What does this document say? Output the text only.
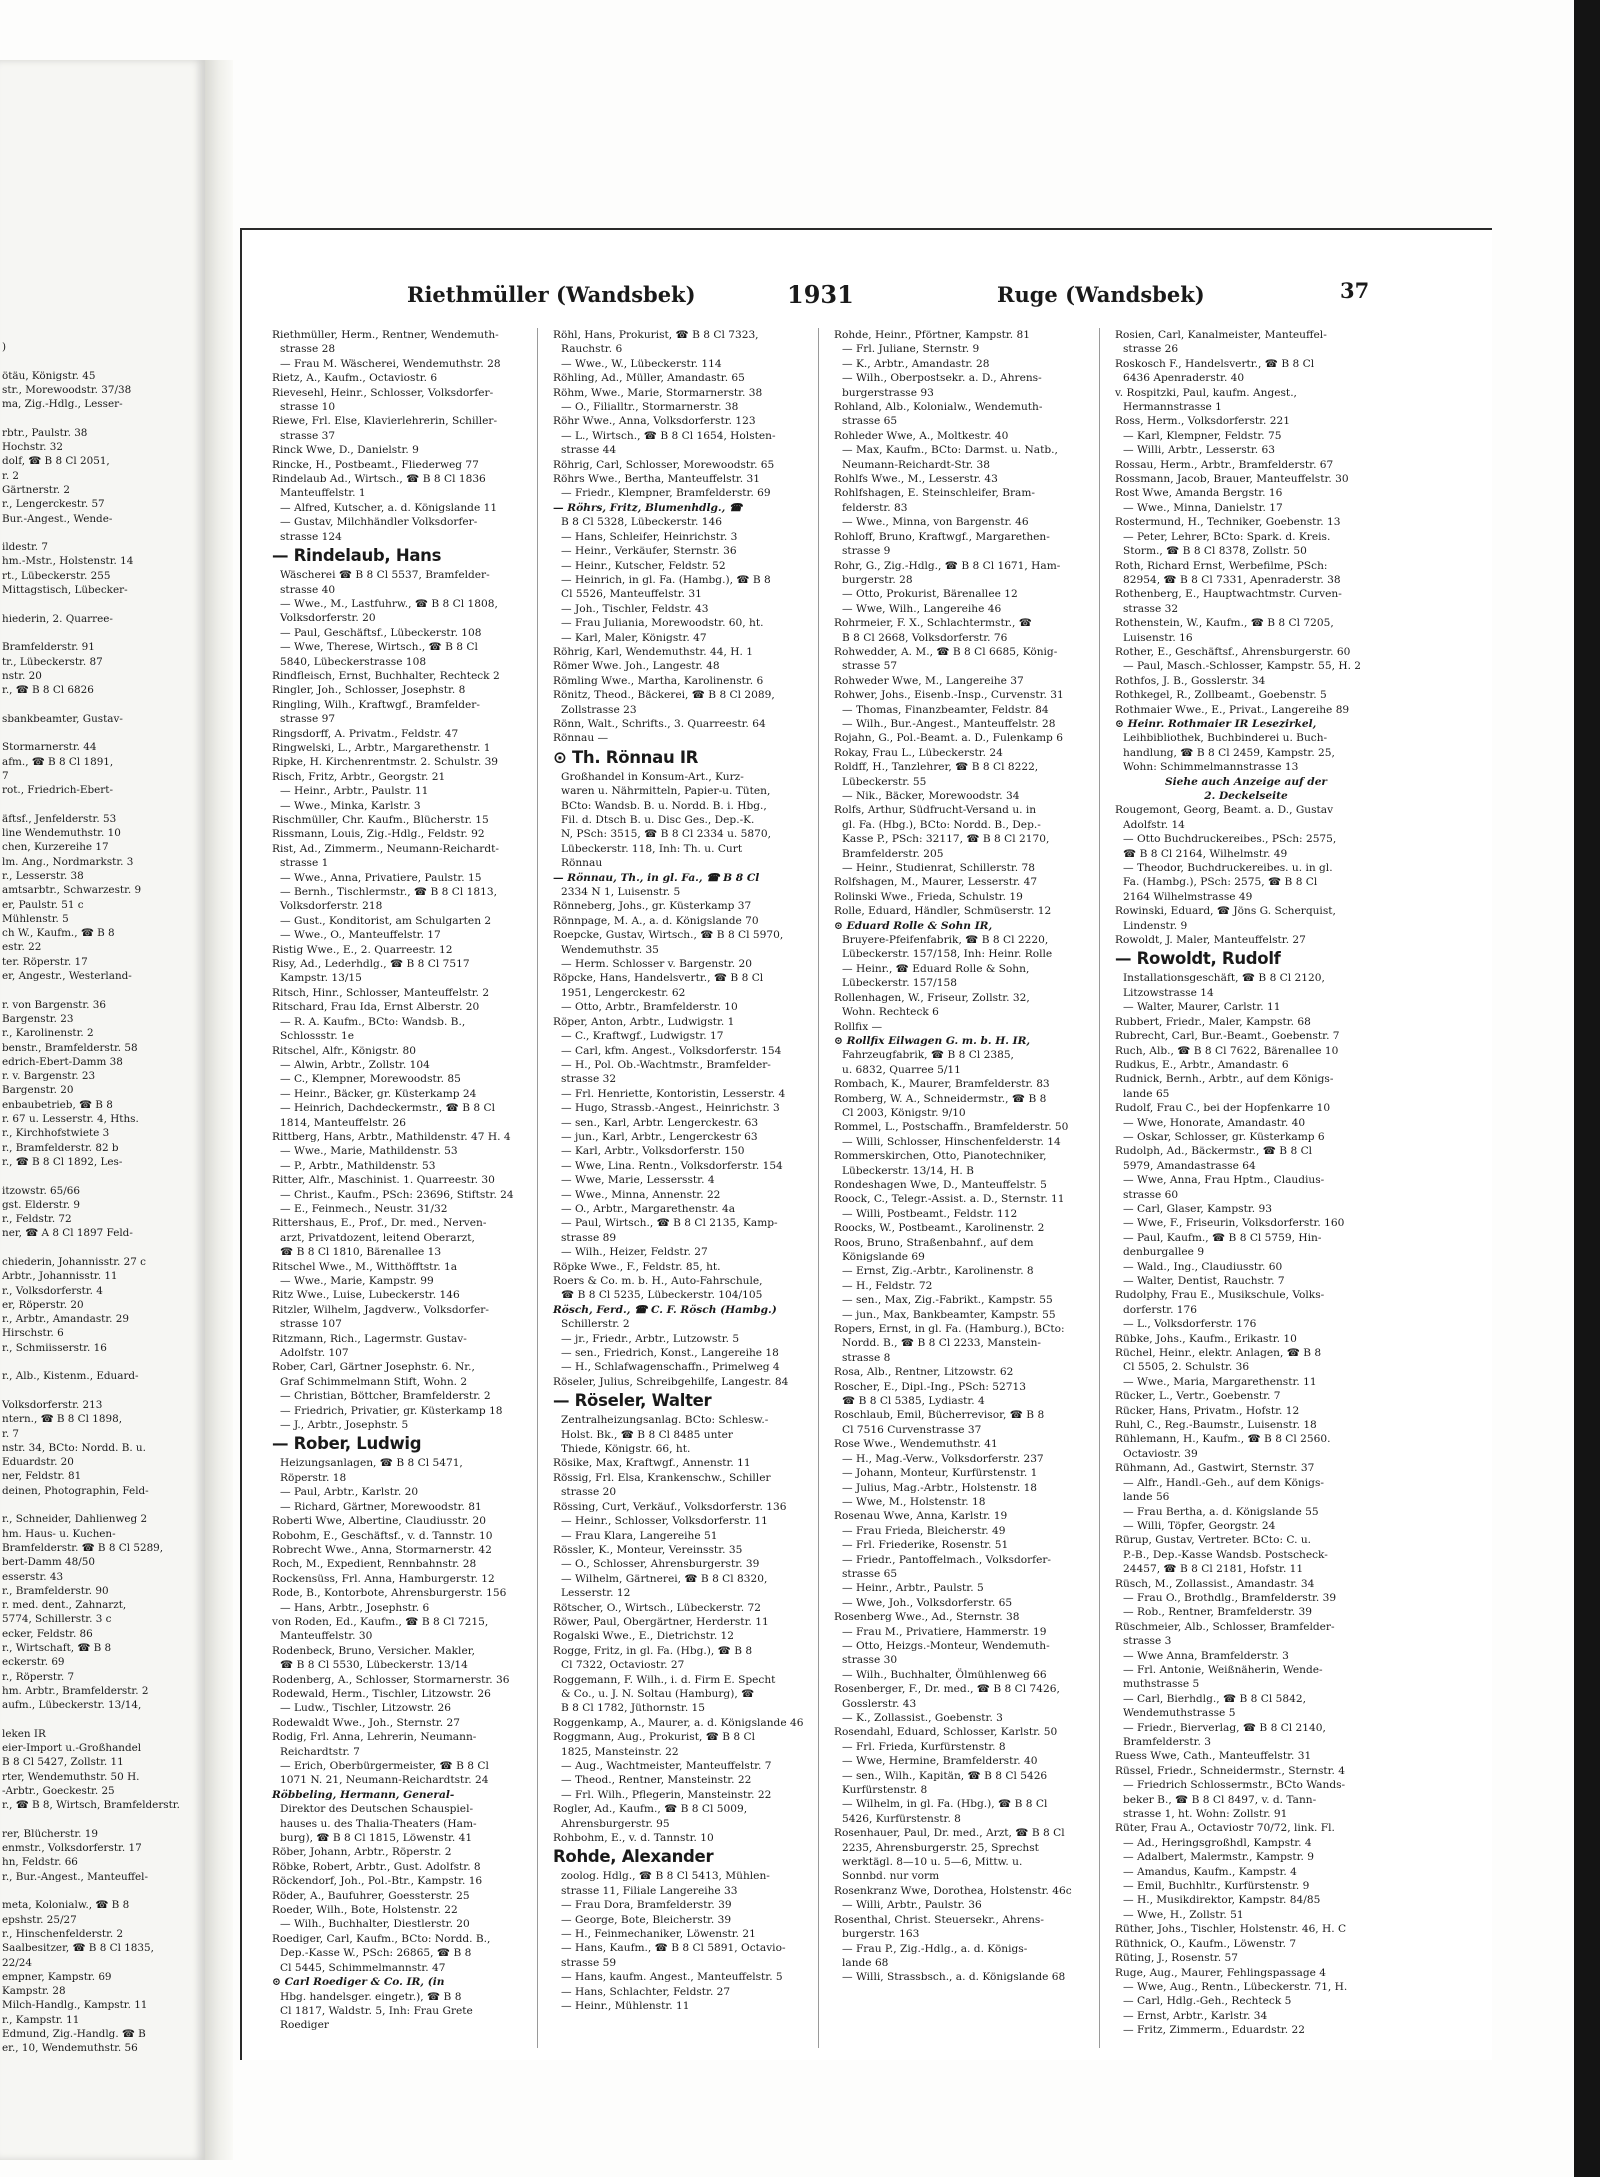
)

ötäu, Königstr. 45
str., Morewoodstr. 37/38
ma, Zig.-Hdlg., Lesser-

rbtr., Paulstr. 38
Hochstr. 32
dolf, ☎ B 8 Cl 2051,
r. 2
Gärtnerstr. 2
r., Lengerckestr. 57
Bur.-Angest., Wende-

ildestr. 7
hm.-Mstr., Holstenstr. 14
rt., Lübeckerstr. 255
Mittagstisch, Lübecker-

hiederin, 2. Quarree-

Bramfelderstr. 91
tr., Lübeckerstr. 87
nstr. 20
r., ☎ B 8 Cl 6826

sbankbeamter, Gustav-

Stormarnerstr. 44
afm., ☎ B 8 Cl 1891,
7
rot., Friedrich-Ebert-

äftsf., Jenfelderstr. 53
line Wendemuthstr. 10
chen, Kurzereihe 17
lm. Ang., Nordmarkstr. 3
r., Lesserstr. 38
amtsarbtr., Schwarzestr. 9
er, Paulstr. 51 c
Mühlenstr. 5
ch W., Kaufm., ☎ B 8
estr. 22
ter. Röperstr. 17
er, Angestr., Westerland-

r. von Bargenstr. 36
Bargenstr. 23
r., Karolinenstr. 2
benstr., Bramfelderstr. 58
edrich-Ebert-Damm 38
r. v. Bargenstr. 23
Bargenstr. 20
enbaubetrieb, ☎ B 8
r. 67 u. Lesserstr. 4, Hths.
r., Kirchhofstwiete 3
r., Bramfelderstr. 82 b
r., ☎ B 8 Cl 1892, Les-

itzowstr. 65/66
gst. Elderstr. 9
r., Feldstr. 72
ner, ☎ A 8 Cl 1897 Feld-

chiederin, Johannisstr. 27 c
Arbtr., Johannisstr. 11
r., Volksdorferstr. 4
er, Röperstr. 20
r., Arbtr., Amandastr. 29
Hirschstr. 6
r., Schmiisserstr. 16

r., Alb., Kistenm., Eduard-

Volksdorferstr. 213
ntern., ☎ B 8 Cl 1898,
r. 7
nstr. 34, BCto: Nordd. B. u.
Eduardstr. 20
ner, Feldstr. 81
deinen, Photographin, Feld-

r., Schneider, Dahlienweg 2
hm. Haus- u. Kuchen-
Bramfelderstr. ☎ B 8 Cl 5289,
bert-Damm 48/50
esserstr. 43
r., Bramfelderstr. 90
r. med. dent., Zahnarzt,
5774, Schillerstr. 3 c
ecker, Feldstr. 86
r., Wirtschaft, ☎ B 8
eckerstr. 69
r., Röperstr. 7
hm. Arbtr., Bramfelderstr. 2
aufm., Lübeckerstr. 13/14,

leken IR
eier-Import u.-Großhandel
B 8 Cl 5427, Zollstr. 11
rter, Wendemuthstr. 50 H.
-Arbtr., Goeckestr. 25
r., ☎ B 8, Wirtsch, Bramfelderstr.

rer, Blücherstr. 19
enmstr., Volksdorferstr. 17
hn, Feldstr. 66
r., Bur.-Angest., Manteuffel-

meta, Kolonialw., ☎ B 8
epshstr. 25/27
r., Hinschenfelderstr. 2
Saalbesitzer, ☎ B 8 Cl 1835,
22/24
empner, Kampstr. 69
Kampstr. 28
Milch-Handlg., Kampstr. 11
r., Kampstr. 11
Edmund, Zig.-Handlg. ☎ B
er., 10, Wendemuthstr. 56
Riethmüller (Wandsbek)	1931	Ruge (Wandsbek)	37
Riethmüller, Herm., Rentner, Wendemuth-
strasse 28
— Frau M. Wäscherei, Wendemuthstr. 28
Rietz, A., Kaufm., Octaviostr. 6
Rievesehl, Heinr., Schlosser, Volksdorfer-
strasse 10
Riewe, Frl. Else, Klavierlehrerin, Schiller-
strasse 37
Rinck Wwe, D., Danielstr. 9
Rincke, H., Postbeamt., Fliederweg 77
Rindelaub Ad., Wirtsch., ☎ B 8 Cl 1836
Manteuffelstr. 1
— Alfred, Kutscher, a. d. Königslande 11
— Gustav, Milchhändler Volksdorfer-
strasse 124
— Rindelaub, Hans
Wäscherei ☎ B 8 Cl 5537, Bramfelder-
strasse 40
— Wwe., M., Lastfuhrw., ☎ B 8 Cl 1808,
Volksdorferstr. 20
— Paul, Geschäftsf., Lübeckerstr. 108
— Wwe, Therese, Wirtsch., ☎ B 8 Cl
5840, Lübeckerstrasse 108
Rindfleisch, Ernst, Buchhalter, Rechteck 2
Ringler, Joh., Schlosser, Josephstr. 8
Ringling, Wilh., Kraftwgf., Bramfelder-
strasse 97
Ringsdorff, A. Privatm., Feldstr. 47
Ringwelski, L., Arbtr., Margarethenstr. 1
Ripke, H. Kirchenrentmstr. 2. Schulstr. 39
Risch, Fritz, Arbtr., Georgstr. 21
— Heinr., Arbtr., Paulstr. 11
— Wwe., Minka, Karlstr. 3
Rischmüller, Chr. Kaufm., Blücherstr. 15
Rissmann, Louis, Zig.-Hdlg., Feldstr. 92
Rist, Ad., Zimmerm., Neumann-Reichardt-
strasse 1
— Wwe., Anna, Privatiere, Paulstr. 15
— Bernh., Tischlermstr., ☎ B 8 Cl 1813,
Volksdorferstr. 218
— Gust., Konditorist, am Schulgarten 2
— Wwe., O., Manteuffelstr. 17
Ristig Wwe., E., 2. Quarreestr. 12
Risy, Ad., Lederhdlg., ☎ B 8 Cl 7517
Kampstr. 13/15
Ritsch, Hinr., Schlosser, Manteuffelstr. 2
Ritschard, Frau Ida, Ernst Alberstr. 20
— R. A. Kaufm., BCto: Wandsb. B.,
Schlossstr. 1e
Ritschel, Alfr., Königstr. 80
— Alwin, Arbtr., Zollstr. 104
— C., Klempner, Morewoodstr. 85
— Heinr., Bäcker, gr. Küsterkamp 24
— Heinrich, Dachdeckermstr., ☎ B 8 Cl
1814, Manteuffelstr. 26
Rittberg, Hans, Arbtr., Mathildenstr. 47 H. 4
— Wwe., Marie, Mathildenstr. 53
— P., Arbtr., Mathildenstr. 53
Ritter, Alfr., Maschinist. 1. Quarreestr. 30
— Christ., Kaufm., PSch: 23696, Stiftstr. 24
— E., Feinmech., Neustr. 31/32
Rittershaus, E., Prof., Dr. med., Nerven-
arzt, Privatdozent, leitend Oberarzt,
☎ B 8 Cl 1810, Bärenallee 13
Ritschel Wwe., M., Witthöfftstr. 1a
— Wwe., Marie, Kampstr. 99
Ritz Wwe., Luise, Lubeckerstr. 146
Ritzler, Wilhelm, Jagdverw., Volksdorfer-
strasse 107
Ritzmann, Rich., Lagermstr. Gustav-
Adolfstr. 107
Rober, Carl, Gärtner Josephstr. 6. Nr.,
Graf Schimmelmann Stift, Wohn. 2
— Christian, Böttcher, Bramfelderstr. 2
— Friedrich, Privatier, gr. Küsterkamp 18
— J., Arbtr., Josephstr. 5
— Rober, Ludwig
Heizungsanlagen, ☎ B 8 Cl 5471,
Röperstr. 18
— Paul, Arbtr., Karlstr. 20
— Richard, Gärtner, Morewoodstr. 81
Roberti Wwe, Albertine, Claudiusstr. 20
Robohm, E., Geschäftsf., v. d. Tannstr. 10
Robrecht Wwe., Anna, Stormarnerstr. 42
Roch, M., Expedient, Rennbahnstr. 28
Rockensüss, Frl. Anna, Hamburgerstr. 12
Rode, B., Kontorbote, Ahrensburgerstr. 156
— Hans, Arbtr., Josephstr. 6
von Roden, Ed., Kaufm., ☎ B 8 Cl 7215,
Manteuffelstr. 30
Rodenbeck, Bruno, Versicher. Makler,
☎ B 8 Cl 5530, Lübeckerstr. 13/14
Rodenberg, A., Schlosser, Stormarnerstr. 36
Rodewald, Herm., Tischler, Litzowstr. 26
— Ludw., Tischler, Litzowstr. 26
Rodewaldt Wwe., Joh., Sternstr. 27
Rodig, Frl. Anna, Lehrerin, Neumann-
Reichardtstr. 7
— Erich, Oberbürgermeister, ☎ B 8 Cl
1071 N. 21, Neumann-Reichardtstr. 24
Röbbeling, Hermann, General-
Direktor des Deutschen Schauspiel-
hauses u. des Thalia-Theaters (Ham-
burg), ☎ B 8 Cl 1815, Löwenstr. 41
Röber, Johann, Arbtr., Röperstr. 2
Röbke, Robert, Arbtr., Gust. Adolfstr. 8
Röckendorf, Joh., Pol.-Btr., Kampstr. 16
Röder, A., Baufuhrer, Goessterstr. 25
Roeder, Wilh., Bote, Holstenstr. 22
— Wilh., Buchhalter, Diestlerstr. 20
Roediger, Carl, Kaufm., BCto: Nordd. B.,
Dep.-Kasse W., PSch: 26865, ☎ B 8
Cl 5445, Schimmelmannstr. 47
⊙ Carl Roediger & Co. IR, (in
Hbg. handelsger. eingetr.), ☎ B 8
Cl 1817, Waldstr. 5, Inh: Frau Grete
Roediger
Röhl, Hans, Prokurist, ☎ B 8 Cl 7323,
Rauchstr. 6
— Wwe., W., Lübeckerstr. 114
Röhling, Ad., Müller, Amandastr. 65
Röhm, Wwe., Marie, Stormarnerstr. 38
— O., Filialltr., Stormarnerstr. 38
Röhr Wwe., Anna, Volksdorferstr. 123
— L., Wirtsch., ☎ B 8 Cl 1654, Holsten-
strasse 44
Röhrig, Carl, Schlosser, Morewoodstr. 65
Röhrs Wwe., Bertha, Manteuffelstr. 31
— Friedr., Klempner, Bramfelderstr. 69
— Röhrs, Fritz, Blumenhdlg., ☎
B 8 Cl 5328, Lübeckerstr. 146
— Hans, Schleifer, Heinrichstr. 3
— Heinr., Verkäufer, Sternstr. 36
— Heinr., Kutscher, Feldstr. 52
— Heinrich, in gl. Fa. (Hambg.), ☎ B 8
Cl 5526, Manteuffelstr. 31
— Joh., Tischler, Feldstr. 43
— Frau Juliania, Morewoodstr. 60, ht.
— Karl, Maler, Königstr. 47
Röhrig, Karl, Wendemuthstr. 44, H. 1
Römer Wwe. Joh., Langestr. 48
Römling Wwe., Martha, Karolinenstr. 6
Rönitz, Theod., Bäckerei, ☎ B 8 Cl 2089,
Zollstrasse 23
Rönn, Walt., Schrifts., 3. Quarreestr. 64
Rönnau —
⊙ Th. Rönnau IR
Großhandel in Konsum-Art., Kurz-
waren u. Nährmitteln, Papier-u. Tüten,
BCto: Wandsb. B. u. Nordd. B. i. Hbg.,
Fil. d. Dtsch B. u. Disc Ges., Dep.-K.
N, PSch: 3515, ☎ B 8 Cl 2334 u. 5870,
Lübeckerstr. 118, Inh: Th. u. Curt
Rönnau
— Rönnau, Th., in gl. Fa., ☎ B 8 Cl
2334 N 1, Luisenstr. 5
Rönneberg, Johs., gr. Küsterkamp 37
Rönnpage, M. A., a. d. Königslande 70
Roepcke, Gustav, Wirtsch., ☎ B 8 Cl 5970,
Wendemuthstr. 35
— Herm. Schlosser v. Bargenstr. 20
Röpcke, Hans, Handelsvertr., ☎ B 8 Cl
1951, Lengerckestr. 62
— Otto, Arbtr., Bramfelderstr. 10
Röper, Anton, Arbtr., Ludwigstr. 1
— C., Kraftwgf., Ludwigstr. 17
— Carl, kfm. Angest., Volksdorferstr. 154
— H., Pol. Ob.-Wachtmstr., Bramfelder-
strasse 32
— Frl. Henriette, Kontoristin, Lesserstr. 4
— Hugo, Strassb.-Angest., Heinrichstr. 3
— sen., Karl, Arbtr. Lengerckestr. 63
— jun., Karl, Arbtr., Lengerckestr 63
— Karl, Arbtr., Volksdorferstr. 150
— Wwe, Lina. Rentn., Volksdorferstr. 154
— Wwe, Marie, Lessersstr. 4
— Wwe., Minna, Annenstr. 22
— O., Arbtr., Margarethenstr. 4a
— Paul, Wirtsch., ☎ B 8 Cl 2135, Kamp-
strasse 89
— Wilh., Heizer, Feldstr. 27
Röpke Wwe., F., Feldstr. 85, ht.
Roers & Co. m. b. H., Auto-Fahrschule,
☎ B 8 Cl 5235, Lübeckerstr. 104/105
Rösch, Ferd., ☎ C. F. Rösch (Hambg.)
Schillerstr. 2
— jr., Friedr., Arbtr., Lutzowstr. 5
— sen., Friedrich, Konst., Langereihe 18
— H., Schlafwagenschaffn., Primelweg 4
Röseler, Julius, Schreibgehilfe, Langestr. 84
— Röseler, Walter
Zentralheizungsanlag. BCto: Schlesw.-
Holst. Bk., ☎ B 8 Cl 8485 unter
Thiede, Königstr. 66, ht.
Rösike, Max, Kraftwgf., Annenstr. 11
Rössig, Frl. Elsa, Krankenschw., Schiller
strasse 20
Rössing, Curt, Verkäuf., Volksdorferstr. 136
— Heinr., Schlosser, Volksdorferstr. 11
— Frau Klara, Langereihe 51
Rössler, K., Monteur, Vereinsstr. 35
— O., Schlosser, Ahrensburgerstr. 39
— Wilhelm, Gärtnerei, ☎ B 8 Cl 8320,
Lesserstr. 12
Rötscher, O., Wirtsch., Lübeckerstr. 72
Röwer, Paul, Obergärtner, Herderstr. 11
Rogalski Wwe., E., Dietrichstr. 12
Rogge, Fritz, in gl. Fa. (Hbg.), ☎ B 8
Cl 7322, Octaviostr. 27
Roggemann, F. Wilh., i. d. Firm E. Specht
& Co., u. J. N. Soltau (Hamburg), ☎
B 8 Cl 1782, Jüthornstr. 15
Roggenkamp, A., Maurer, a. d. Königslande 46
Roggmann, Aug., Prokurist, ☎ B 8 Cl
1825, Mansteinstr. 22
— Aug., Wachtmeister, Manteuffelstr. 7
— Theod., Rentner, Mansteinstr. 22
— Frl. Wilh., Pflegerin, Mansteinstr. 22
Rogler, Ad., Kaufm., ☎ B 8 Cl 5009,
Ahrensburgerstr. 95
Rohbohm, E., v. d. Tannstr. 10
Rohde, Alexander
zoolog. Hdlg., ☎ B 8 Cl 5413, Mühlen-
strasse 11, Filiale Langereihe 33
— Frau Dora, Bramfelderstr. 39
— George, Bote, Bleicherstr. 39
— H., Feinmechaniker, Löwenstr. 21
— Hans, Kaufm., ☎ B 8 Cl 5891, Octavio-
strasse 59
— Hans, kaufm. Angest., Manteuffelstr. 5
— Hans, Schlachter, Feldstr. 27
— Heinr., Mühlenstr. 11
Rohde, Heinr., Pförtner, Kampstr. 81
— Frl. Juliane, Sternstr. 9
— K., Arbtr., Amandastr. 28
— Wilh., Oberpostsekr. a. D., Ahrens-
burgerstrasse 93
Rohland, Alb., Kolonialw., Wendemuth-
strasse 65
Rohleder Wwe, A., Moltkestr. 40
— Max, Kaufm., BCto: Darmst. u. Natb.,
Neumann-Reichardt-Str. 38
Rohlfs Wwe., M., Lesserstr. 43
Rohlfshagen, E. Steinschleifer, Bram-
felderstr. 83
— Wwe., Minna, von Bargenstr. 46
Rohloff, Bruno, Kraftwgf., Margarethen-
strasse 9
Rohr, G., Zig.-Hdlg., ☎ B 8 Cl 1671, Ham-
burgerstr. 28
— Otto, Prokurist, Bärenallee 12
— Wwe, Wilh., Langereihe 46
Rohrmeier, F. X., Schlachtermstr., ☎
B 8 Cl 2668, Volksdorferstr. 76
Rohwedder, A. M., ☎ B 8 Cl 6685, König-
strasse 57
Rohweder Wwe, M., Langereihe 37
Rohwer, Johs., Eisenb.-Insp., Curvenstr. 31
— Thomas, Finanzbeamter, Feldstr. 84
— Wilh., Bur.-Angest., Manteuffelstr. 28
Rojahn, G., Pol.-Beamt. a. D., Fulenkamp 6
Rokay, Frau L., Lübeckerstr. 24
Roldff, H., Tanzlehrer, ☎ B 8 Cl 8222,
Lübeckerstr. 55
— Nik., Bäcker, Morewoodstr. 34
Rolfs, Arthur, Südfrucht-Versand u. in
gl. Fa. (Hbg.), BCto: Nordd. B., Dep.-
Kasse P., PSch: 32117, ☎ B 8 Cl 2170,
Bramfelderstr. 205
— Heinr., Studienrat, Schillerstr. 78
Rolfshagen, M., Maurer, Lesserstr. 47
Rolinski Wwe., Frieda, Schulstr. 19
Rolle, Eduard, Händler, Schmüserstr. 12
⊙ Eduard Rolle & Sohn IR,
Bruyere-Pfeifenfabrik, ☎ B 8 Cl 2220,
Lübeckerstr. 157/158, Inh: Heinr. Rolle
— Heinr., ☎ Eduard Rolle & Sohn,
Lübeckerstr. 157/158
Rollenhagen, W., Friseur, Zollstr. 32,
Wohn. Rechteck 6
Rollfix —
⊙ Rollfix Eilwagen G. m. b. H. IR,
Fahrzeugfabrik, ☎ B 8 Cl 2385,
u. 6832, Quarree 5/11
Rombach, K., Maurer, Bramfelderstr. 83
Romberg, W. A., Schneidermstr., ☎ B 8
Cl 2003, Königstr. 9/10
Rommel, L., Postschaffn., Bramfelderstr. 50
— Willi, Schlosser, Hinschenfelderstr. 14
Rommerskirchen, Otto, Pianotechniker,
Lübeckerstr. 13/14, H. B
Rondeshagen Wwe, D., Manteuffelstr. 5
Roock, C., Telegr.-Assist. a. D., Sternstr. 11
— Willi, Postbeamt., Feldstr. 112
Roocks, W., Postbeamt., Karolinenstr. 2
Roos, Bruno, Straßenbahnf., auf dem
Königslande 69
— Ernst, Zig.-Arbtr., Karolinenstr. 8
— H., Feldstr. 72
— sen., Max, Zig.-Fabrikt., Kampstr. 55
— jun., Max, Bankbeamter, Kampstr. 55
Ropers, Ernst, in gl. Fa. (Hamburg.), BCto:
Nordd. B., ☎ B 8 Cl 2233, Manstein-
strasse 8
Rosa, Alb., Rentner, Litzowstr. 62
Roscher, E., Dipl.-Ing., PSch: 52713
☎ B 8 Cl 5385, Lydiastr. 4
Roschlaub, Emil, Bücherrevisor, ☎ B 8
Cl 7516 Curvenstrasse 37
Rose Wwe., Wendemuthstr. 41
— H., Mag.-Verw., Volksdorferstr. 237
— Johann, Monteur, Kurfürstenstr. 1
— Julius, Mag.-Arbtr., Holstenstr. 18
— Wwe, M., Holstenstr. 18
Rosenau Wwe, Anna, Karlstr. 19
— Frau Frieda, Bleicherstr. 49
— Frl. Friederike, Rosenstr. 51
— Friedr., Pantoffelmach., Volksdorfer-
strasse 65
— Heinr., Arbtr., Paulstr. 5
— Wwe, Joh., Volksdorferstr. 65
Rosenberg Wwe., Ad., Sternstr. 38
— Frau M., Privatiere, Hammerstr. 19
— Otto, Heizgs.-Monteur, Wendemuth-
strasse 30
— Wilh., Buchhalter, Ölmühlenweg 66
Rosenberger, F., Dr. med., ☎ B 8 Cl 7426,
Gosslerstr. 43
— K., Zollassist., Goebenstr. 3
Rosendahl, Eduard, Schlosser, Karlstr. 50
— Frl. Frieda, Kurfürstenstr. 8
— Wwe, Hermine, Bramfelderstr. 40
— sen., Wilh., Kapitän, ☎ B 8 Cl 5426
Kurfürstenstr. 8
— Wilhelm, in gl. Fa. (Hbg.), ☎ B 8 Cl
5426, Kurfürstenstr. 8
Rosenhauer, Paul, Dr. med., Arzt, ☎ B 8 Cl
2235, Ahrensburgerstr. 25, Sprechst
werktägl. 8—10 u. 5—6, Mittw. u.
Sonnbd. nur vorm
Rosenkranz Wwe, Dorothea, Holstenstr. 46c
— Willi, Arbtr., Paulstr. 36
Rosenthal, Christ. Steuersekr., Ahrens-
burgerstr. 163
— Frau P., Zig.-Hdlg., a. d. Königs-
lande 68
— Willi, Strassbsch., a. d. Königslande 68
Rosien, Carl, Kanalmeister, Manteuffel-
strasse 26
Roskosch F., Handelsvertr., ☎ B 8 Cl
6436 Apenraderstr. 40
v. Rospitzki, Paul, kaufm. Angest.,
Hermannstrasse 1
Ross, Herm., Volksdorferstr. 221
— Karl, Klempner, Feldstr. 75
— Willi, Arbtr., Lesserstr. 63
Rossau, Herm., Arbtr., Bramfelderstr. 67
Rossmann, Jacob, Brauer, Manteuffelstr. 30
Rost Wwe, Amanda Bergstr. 16
— Wwe., Minna, Danielstr. 17
Rostermund, H., Techniker, Goebenstr. 13
— Peter, Lehrer, BCto: Spark. d. Kreis.
Storm., ☎ B 8 Cl 8378, Zollstr. 50
Roth, Richard Ernst, Werbefilme, PSch:
82954, ☎ B 8 Cl 7331, Apenraderstr. 38
Rothenberg, E., Hauptwachtmstr. Curven-
strasse 32
Rothenstein, W., Kaufm., ☎ B 8 Cl 7205,
Luisenstr. 16
Rother, E., Geschäftsf., Ahrensburgerstr. 60
— Paul, Masch.-Schlosser, Kampstr. 55, H. 2
Rothfos, J. B., Gosslerstr. 34
Rothkegel, R., Zollbeamt., Goebenstr. 5
Rothmaier Wwe., E., Privat., Langereihe 89
⊙ Heinr. Rothmaier IR Lesezirkel,
Leihbibliothek, Buchbinderei u. Buch-
handlung, ☎ B 8 Cl 2459, Kampstr. 25,
Wohn: Schimmelmannstrasse 13
Siehe auch Anzeige auf der
2. Deckelseite
Rougemont, Georg, Beamt. a. D., Gustav
Adolfstr. 14
— Otto Buchdruckereibes., PSch: 2575,
☎ B 8 Cl 2164, Wilhelmstr. 49
— Theodor, Buchdruckereibes. u. in gl.
Fa. (Hambg.), PSch: 2575, ☎ B 8 Cl
2164 Wilhelmstrasse 49
Rowinski, Eduard, ☎ Jöns G. Scherquist,
Lindenstr. 9
Rowoldt, J. Maler, Manteuffelstr. 27
— Rowoldt, Rudolf
Installationsgeschäft, ☎ B 8 Cl 2120,
Litzowstrasse 14
— Walter, Maurer, Carlstr. 11
Rubbert, Friedr., Maler, Kampstr. 68
Rubrecht, Carl, Bur.-Beamt., Goebenstr. 7
Ruch, Alb., ☎ B 8 Cl 7622, Bärenallee 10
Rudkus, E., Arbtr., Amandastr. 6
Rudnick, Bernh., Arbtr., auf dem Königs-
lande 65
Rudolf, Frau C., bei der Hopfenkarre 10
— Wwe, Honorate, Amandastr. 40
— Oskar, Schlosser, gr. Küsterkamp 6
Rudolph, Ad., Bäckermstr., ☎ B 8 Cl
5979, Amandastrasse 64
— Wwe, Anna, Frau Hptm., Claudius-
strasse 60
— Carl, Glaser, Kampstr. 93
— Wwe, F., Friseurin, Volksdorferstr. 160
— Paul, Kaufm., ☎ B 8 Cl 5759, Hin-
denburgallee 9
— Wald., Ing., Claudiusstr. 60
— Walter, Dentist, Rauchstr. 7
Rudolphy, Frau E., Musikschule, Volks-
dorferstr. 176
— L., Volksdorferstr. 176
Rübke, Johs., Kaufm., Erikastr. 10
Rüchel, Heinr., elektr. Anlagen, ☎ B 8
Cl 5505, 2. Schulstr. 36
— Wwe., Maria, Margarethenstr. 11
Rücker, L., Vertr., Goebenstr. 7
Rücker, Hans, Privatm., Hofstr. 12
Ruhl, C., Reg.-Baumstr., Luisenstr. 18
Rühlemann, H., Kaufm., ☎ B 8 Cl 2560.
Octaviostr. 39
Rühmann, Ad., Gastwirt, Sternstr. 37
— Alfr., Handl.-Geh., auf dem Königs-
lande 56
— Frau Bertha, a. d. Königslande 55
— Willi, Töpfer, Georgstr. 24
Rürup, Gustav, Vertreter. BCto: C. u.
P.-B., Dep.-Kasse Wandsb. Postscheck-
24457, ☎ B 8 Cl 2181, Hofstr. 11
Rüsch, M., Zollassist., Amandastr. 34
— Frau O., Brothdlg., Bramfelderstr. 39
— Rob., Rentner, Bramfelderstr. 39
Rüschmeier, Alb., Schlosser, Bramfelder-
strasse 3
— Wwe Anna, Bramfelderstr. 3
— Frl. Antonie, Weißnäherin, Wende-
muthstrasse 5
— Carl, Bierhdlg., ☎ B 8 Cl 5842,
Wendemuthstrasse 5
— Friedr., Bierverlag, ☎ B 8 Cl 2140,
Bramfelderstr. 3
Ruess Wwe, Cath., Manteuffelstr. 31
Rüssel, Friedr., Schneidermstr., Sternstr. 4
— Friedrich Schlossermstr., BCto Wands-
beker B., ☎ B 8 Cl 8497, v. d. Tann-
strasse 1, ht. Wohn: Zollstr. 91
Rüter, Frau A., Octaviostr 70/72, link. Fl.
— Ad., Heringsgroßhdl, Kampstr. 4
— Adalbert, Malermstr., Kampstr. 9
— Amandus, Kaufm., Kampstr. 4
— Emil, Buchhltr., Kurfürstenstr. 9
— H., Musikdirektor, Kampstr. 84/85
— Wwe, H., Zollstr. 51
Rüther, Johs., Tischler, Holstenstr. 46, H. C
Rüthnick, O., Kaufm., Löwenstr. 7
Rüting, J., Rosenstr. 57
Ruge, Aug., Maurer, Fehlingspassage 4
— Wwe, Aug., Rentn., Lübeckerstr. 71, H.
— Carl, Hdlg.-Geh., Rechteck 5
— Ernst, Arbtr., Karlstr. 34
— Fritz, Zimmerm., Eduardstr. 22
